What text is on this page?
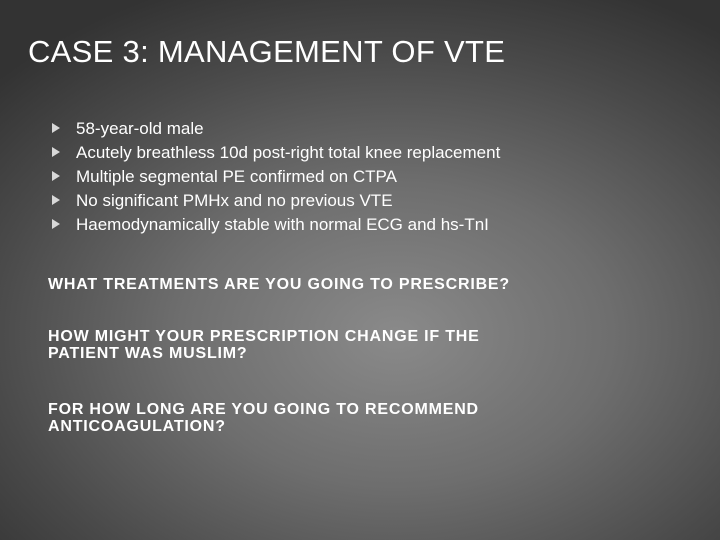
CASE 3: MANAGEMENT OF VTE
58-year-old male
Acutely breathless 10d post-right total knee replacement
Multiple segmental PE confirmed on CTPA
No significant PMHx and no previous VTE
Haemodynamically stable with normal ECG and hs-TnI

WHAT TREATMENTS ARE YOU GOING TO PRESCRIBE?

HOW MIGHT YOUR PRESCRIPTION CHANGE IF THE
PATIENT WAS MUSLIM?

FOR HOW LONG ARE YOU GOING TO RECOMMEND
ANTICOAGULATION?
